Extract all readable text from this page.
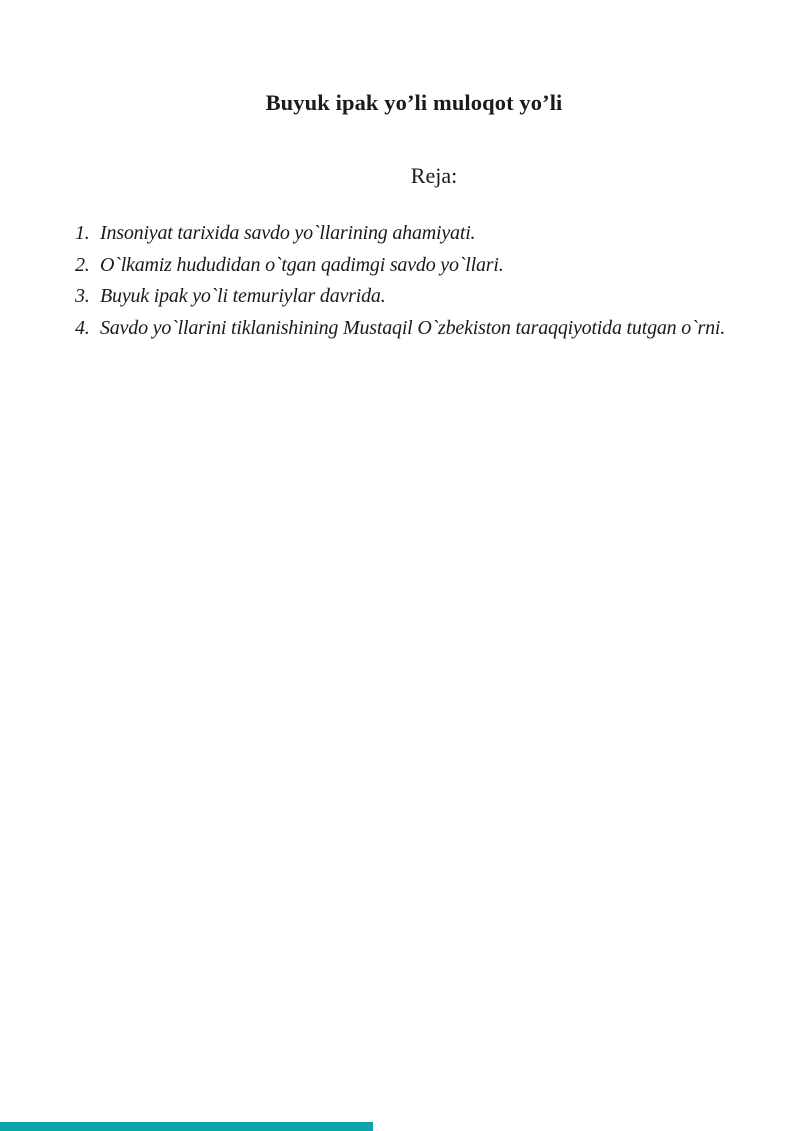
Buyuk ipak yo’li muloqot yo’li
Reja:
1. Insoniyat tarixida savdo yo`llarining ahamiyati.
2. O`lkamiz hududidan o`tgan qadimgi savdo yo`llari.
3. Buyuk ipak yo`li temuriylar davrida.
4. Savdo yo`llarini tiklanishining Mustaqil O`zbekiston taraqqiyotida tutgan o`rni.
